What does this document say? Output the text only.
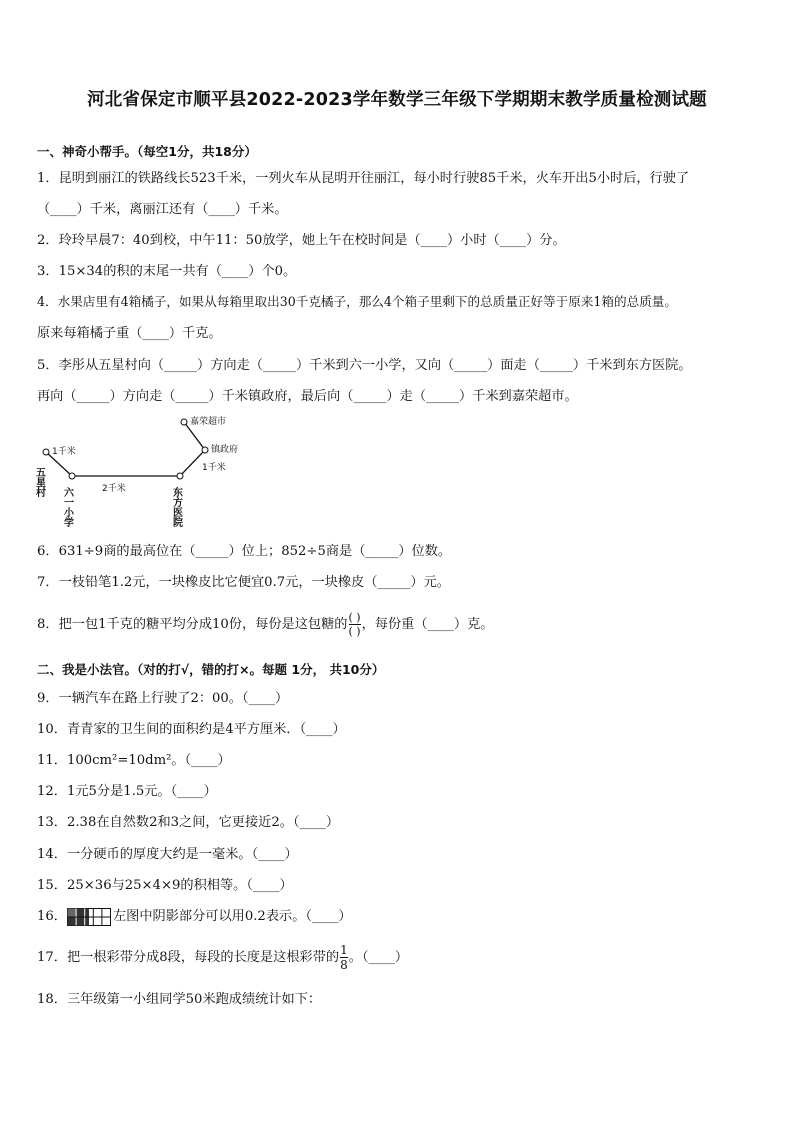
河北省保定市顺平县2022-2023学年数学三年级下学期期末教学质量检测试题
一、神奇小帮手。（每空1分，共18分）
1．昆明到丽江的铁路线长523千米，一列火车从昆明开往丽江，每小时行驶85千米，火车开出5小时后，行驶了
（____）千米，离丽江还有（____）千米。
2．玲玲早晨7：40到校，中午11：50放学，她上午在校时间是（____）小时（____）分。
3．15×34的积的末尾一共有（____）个0。
4．水果店里有4箱橘子，如果从每箱里取出30千克橘子，那么4个箱子里剩下的总质量正好等于原来1箱的总质量。
原来每箱橘子重（____）千克。
5．李彤从五星村向（_____）方向走（_____）千米到六一小学，又向（_____）面走（_____）千米到东方医院。
再向（_____）方向走（_____）千米镇政府，最后向（_____）走（_____）千米到嘉荣超市。
嘉荣超市
镇政府
1千米
1千米
2千米
五星村
六一小学	东方医院
6．631÷9商的最高位在（_____）位上；852÷5商是（_____）位数。
7．一枝铅笔1.2元，一块橡皮比它便宜0.7元，一块橡皮（_____）元。
8．把一包1千克的糖平均分成10份，每份是这包糖的 $\frac{( )}{( )}$ ，每份重（____）克。
二、我是小法官。（对的打√，错的打×。每题 1分， 共10分）
9．一辆汽车在路上行驶了2：00。（____）
10．青青家的卫生间的面积约是4平方厘米．（____）
11．100cm²=10dm²。（____）
12．1元5分是1.5元。（____）
13．2.38在自然数2和3之间，它更接近2。（____）
14．一分硬币的厚度大约是一毫米。（____）
15．25×36与25×4×9的积相等。（____）
16．	左图中阴影部分可以用0.2表示。（____）
17．把一根彩带分成8段，每段的长度是这根彩带的 $\frac{1}{8}$ 。（____）
18．三年级第一小组同学50米跑成绩统计如下：
